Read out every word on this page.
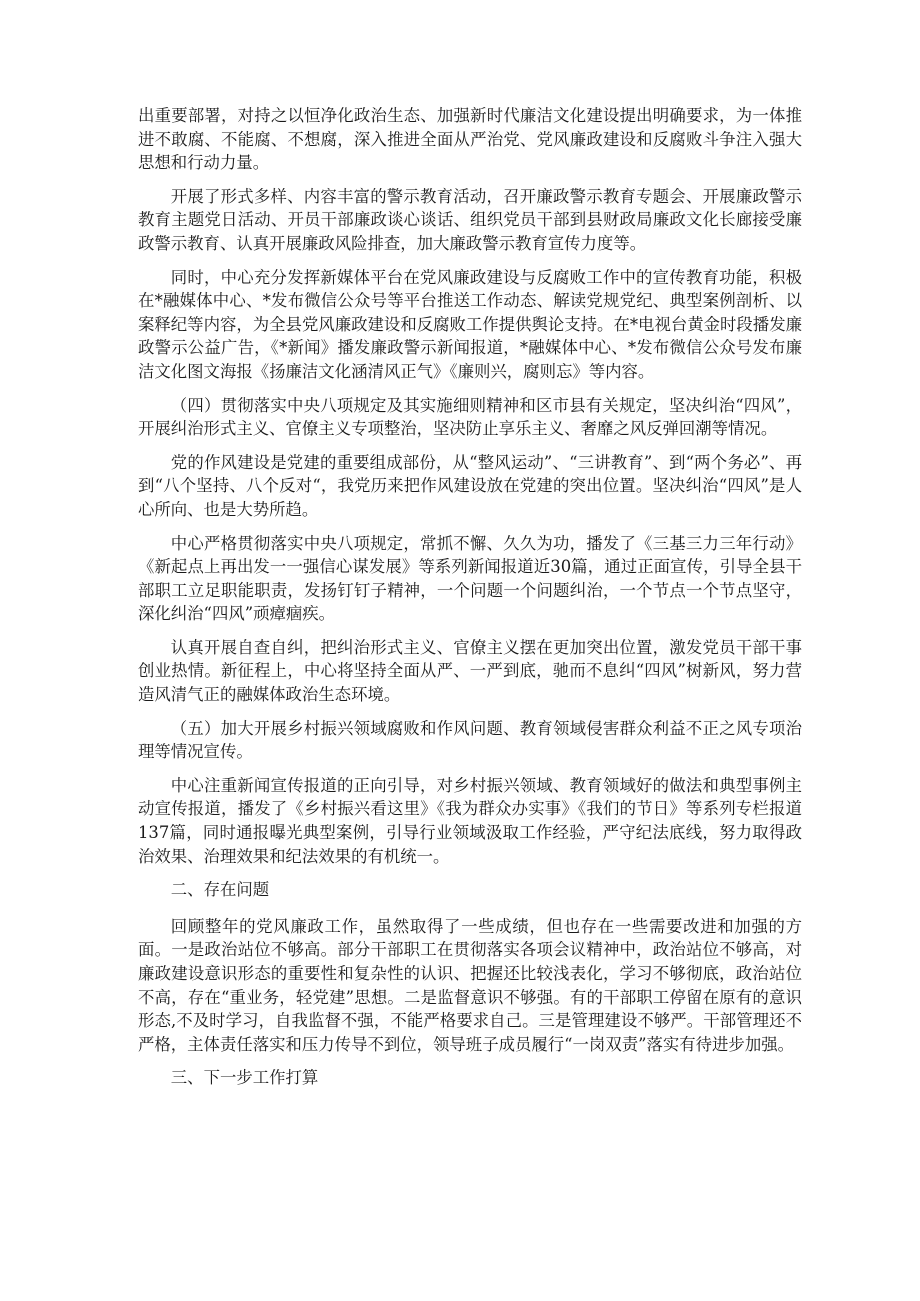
出重要部署，对持之以恒净化政治生态、加强新时代廉洁文化建设提出明确要求，为一体推进不敢腐、不能腐、不想腐，深入推进全面从严治党、党风廉政建设和反腐败斗争注入强大思想和行动力量。

开展了形式多样、内容丰富的警示教育活动，召开廉政警示教育专题会、开展廉政警示教育主题党日活动、开员干部廉政谈心谈话、组织党员干部到县财政局廉政文化长廊接受廉政警示教育、认真开展廉政风险排查，加大廉政警示教育宣传力度等。

同时，中心充分发挥新媒体平台在党风廉政建设与反腐败工作中的宣传教育功能，积极在*融媒体中心、*发布微信公众号等平台推送工作动态、解读党规党纪、典型案例剖析、以案释纪等内容，为全县党风廉政建设和反腐败工作提供舆论支持。在*电视台黄金时段播发廉政警示公益广告，《*新闻》播发廉政警示新闻报道，*融媒体中心、*发布微信公众号发布廉洁文化图文海报《扬廉洁文化涵清风正气》《廉则兴，腐则忘》等内容。

（四）贯彻落实中央八项规定及其实施细则精神和区市县有关规定，坚决纠治“四风”，开展纠治形式主义、官僚主义专项整治，坚决防止享乐主义、奢靡之风反弹回潮等情况。

党的作风建设是党建的重要组成部份，从“整风运动”、“三讲教育”、到“两个务必”、再到“八个坚持、八个反对“，我党历来把作风建设放在党建的突出位置。坚决纠治“四风”是人心所向、也是大势所趋。

中心严格贯彻落实中央八项规定，常抓不懈、久久为功，播发了《三基三力三年行动》《新起点上再出发一一强信心谋发展》等系列新闻报道近30篇，通过正面宣传，引导全县干部职工立足职能职责，发扬钉钉子精神，一个问题一个问题纠治，一个节点一个节点坚守，深化纠治“四风”顽瘴痼疾。

认真开展自查自纠，把纠治形式主义、官僚主义摆在更加突出位置，激发党员干部干事创业热情。新征程上，中心将坚持全面从严、一严到底，驰而不息纠“四风”树新风，努力营造风清气正的融媒体政治生态环境。

（五）加大开展乡村振兴领域腐败和作风问题、教育领域侵害群众利益不正之风专项治理等情况宣传。

中心注重新闻宣传报道的正向引导，对乡村振兴领域、教育领域好的做法和典型事例主动宣传报道，播发了《乡村振兴看这里》《我为群众办实事》《我们的节日》等系列专栏报道137篇，同时通报曝光典型案例，引导行业领域汲取工作经验，严守纪法底线，努力取得政治效果、治理效果和纪法效果的有机统一。

二、存在问题

回顾整年的党风廉政工作，虽然取得了一些成绩，但也存在一些需要改进和加强的方面。一是政治站位不够高。部分干部职工在贯彻落实各项会议精神中，政治站位不够高，对廉政建设意识形态的重要性和复杂性的认识、把握还比较浅表化，学习不够彻底，政治站位不高，存在“重业务，轻党建”思想。二是监督意识不够强。有的干部职工停留在原有的意识形态,不及时学习，自我监督不强，不能严格要求自己。三是管理建设不够严。干部管理还不严格，主体责任落实和压力传导不到位，领导班子成员履行“一岗双责”落实有待进步加强。

三、下一步工作打算
